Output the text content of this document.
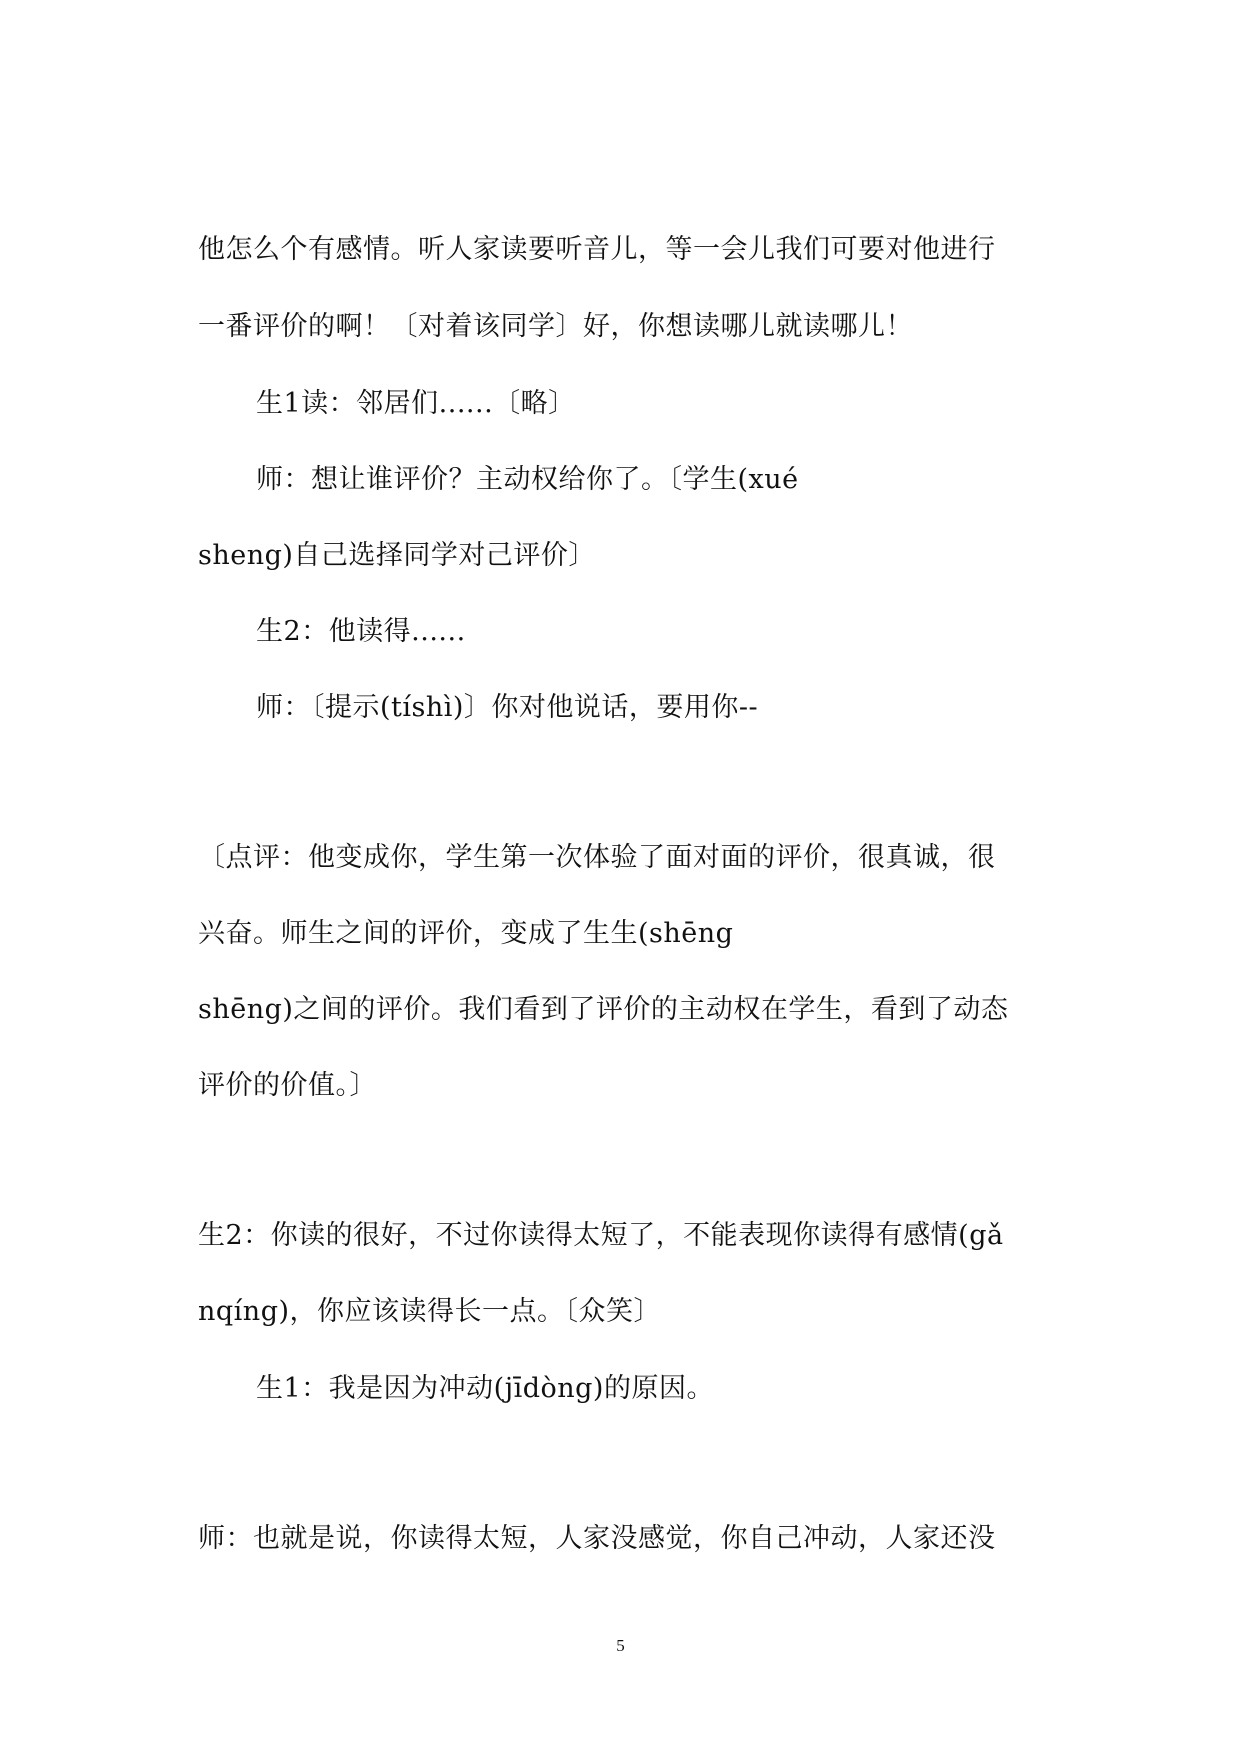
他怎么个有感情。听人家读要听音儿，等一会儿我们可要对他进行
一番评价的啊！〔对着该同学〕好，你想读哪儿就读哪儿！
生1读：邻居们......〔略〕
师：想让谁评价？主动权给你了。〔学生(xué
sheng)自己选择同学对己评价〕
生2：他读得......
师：〔提示(tíshì)〕你对他说话，要用你--
〔点评：他变成你，学生第一次体验了面对面的评价，很真诚，很
兴奋。师生之间的评价，变成了生生(shēng
shēng)之间的评价。我们看到了评价的主动权在学生，看到了动态
评价的价值。〕
生2：你读的很好，不过你读得太短了，不能表现你读得有感情(gǎ
nqíng)，你应该读得长一点。〔众笑〕
生1：我是因为冲动(jīdòng)的原因。
师：也就是说，你读得太短，人家没感觉，你自己冲动，人家还没
5
